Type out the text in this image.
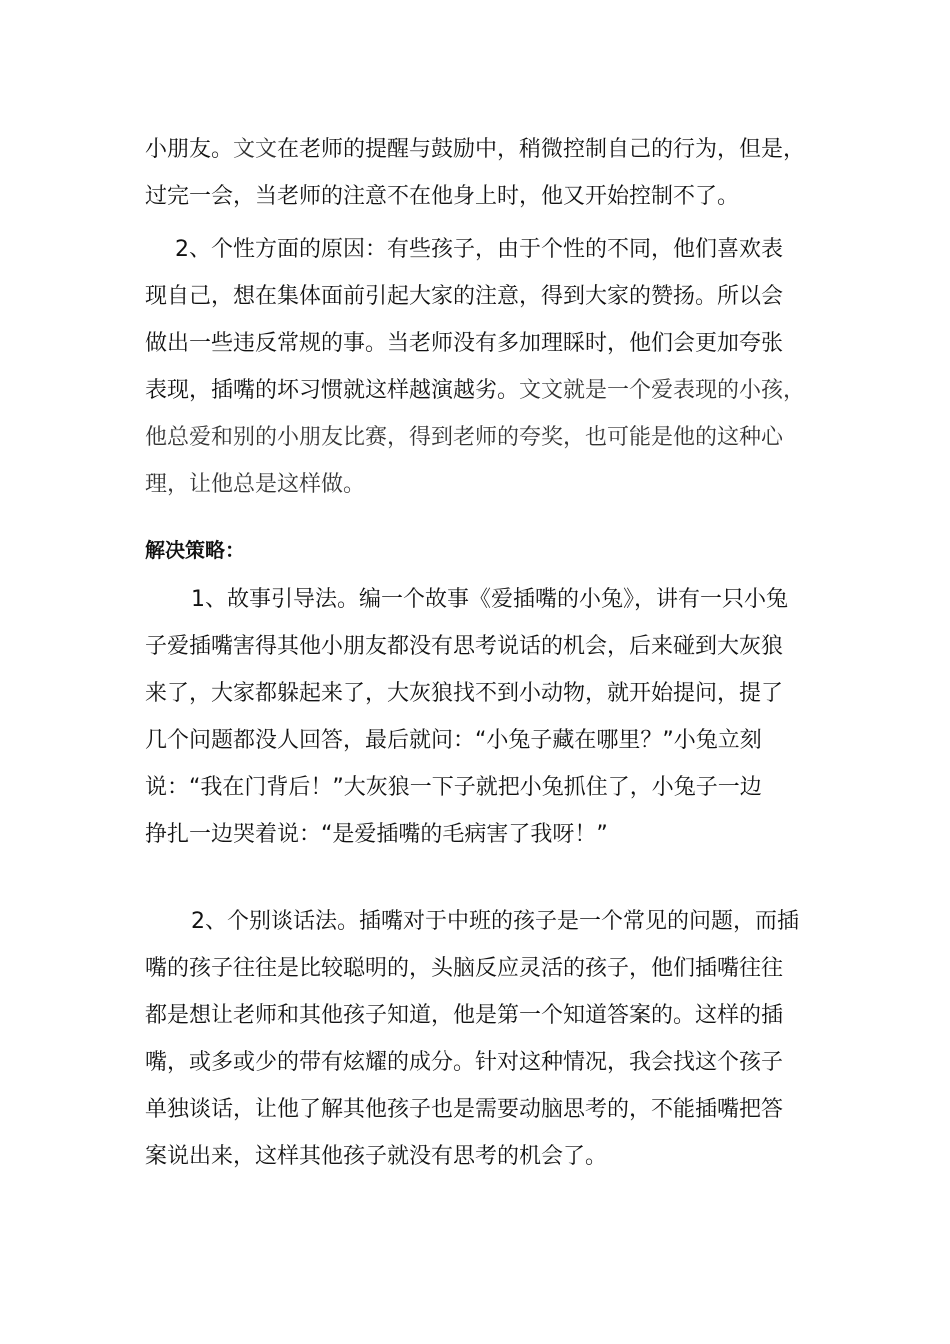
小朋友。文文在老师的提醒与鼓励中，稍微控制自己的行为，但是，
过完一会，当老师的注意不在他身上时，他又开始控制不了。
2、个性方面的原因：有些孩子，由于个性的不同，他们喜欢表
现自己，想在集体面前引起大家的注意，得到大家的赞扬。所以会
做出一些违反常规的事。当老师没有多加理睬时，他们会更加夸张
表现，插嘴的坏习惯就这样越演越劣。文文就是一个爱表现的小孩，
他总爱和别的小朋友比赛，得到老师的夸奖，也可能是他的这种心
理，让他总是这样做。
解决策略：
1、故事引导法。编一个故事《爱插嘴的小兔》，讲有一只小兔
子爱插嘴害得其他小朋友都没有思考说话的机会，后来碰到大灰狼
来了，大家都躲起来了，大灰狼找不到小动物，就开始提问，提了
几个问题都没人回答，最后就问：“小兔子藏在哪里？”小兔立刻
说：“我在门背后！”大灰狼一下子就把小兔抓住了，小兔子一边
挣扎一边哭着说：“是爱插嘴的毛病害了我呀！”
2、个别谈话法。插嘴对于中班的孩子是一个常见的问题，而插
嘴的孩子往往是比较聪明的，头脑反应灵活的孩子，他们插嘴往往
都是想让老师和其他孩子知道，他是第一个知道答案的。这样的插
嘴，或多或少的带有炫耀的成分。针对这种情况，我会找这个孩子
单独谈话，让他了解其他孩子也是需要动脑思考的，不能插嘴把答
案说出来，这样其他孩子就没有思考的机会了。
